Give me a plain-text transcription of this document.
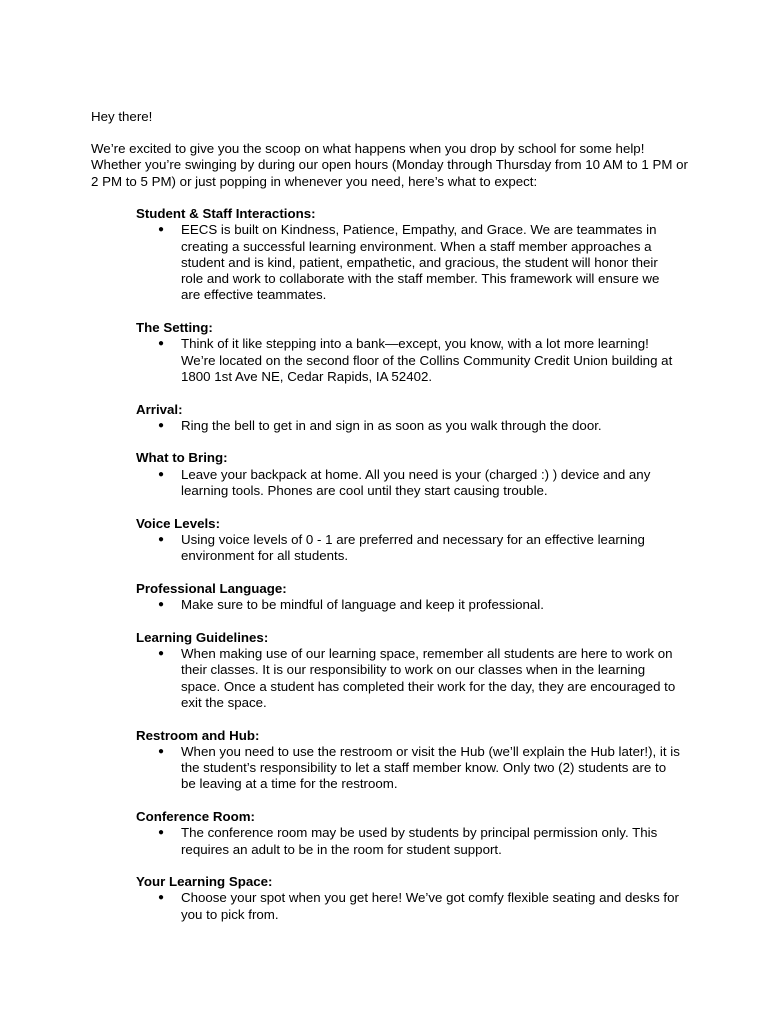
Hey there!

We’re excited to give you the scoop on what happens when you drop by school for some help! Whether you’re swinging by during our open hours (Monday through Thursday from 10 AM to 1 PM or 2 PM to 5 PM) or just popping in whenever you need, here’s what to expect:

Student & Staff Interactions:

● EECS is built on Kindness, Patience, Empathy, and Grace. We are teammates in creating a successful learning environment. When a staff member approaches a student and is kind, patient, empathetic, and gracious, the student will honor their role and work to collaborate with the staff member. This framework will ensure we are effective teammates.

The Setting:

● Think of it like stepping into a bank—except, you know, with a lot more learning! We’re located on the second floor of the Collins Community Credit Union building at 1800 1st Ave NE, Cedar Rapids, IA 52402.

Arrival:

● Ring the bell to get in and sign in as soon as you walk through the door.

What to Bring:

● Leave your backpack at home. All you need is your (charged :) ) device and any learning tools. Phones are cool until they start causing trouble.

Voice Levels:

● Using voice levels of 0 - 1 are preferred and necessary for an effective learning environment for all students.

Professional Language:

● Make sure to be mindful of language and keep it professional.

Learning Guidelines:

● When making use of our learning space, remember all students are here to work on their classes. It is our responsibility to work on our classes when in the learning space. Once a student has completed their work for the day, they are encouraged to exit the space.

Restroom and Hub:

● When you need to use the restroom or visit the Hub (we’ll explain the Hub later!), it is the student’s responsibility to let a staff member know. Only two (2) students are to be leaving at a time for the restroom.

Conference Room:

● The conference room may be used by students by principal permission only. This requires an adult to be in the room for student support.

Your Learning Space:

● Choose your spot when you get here! We’ve got comfy flexible seating and desks for you to pick from.
